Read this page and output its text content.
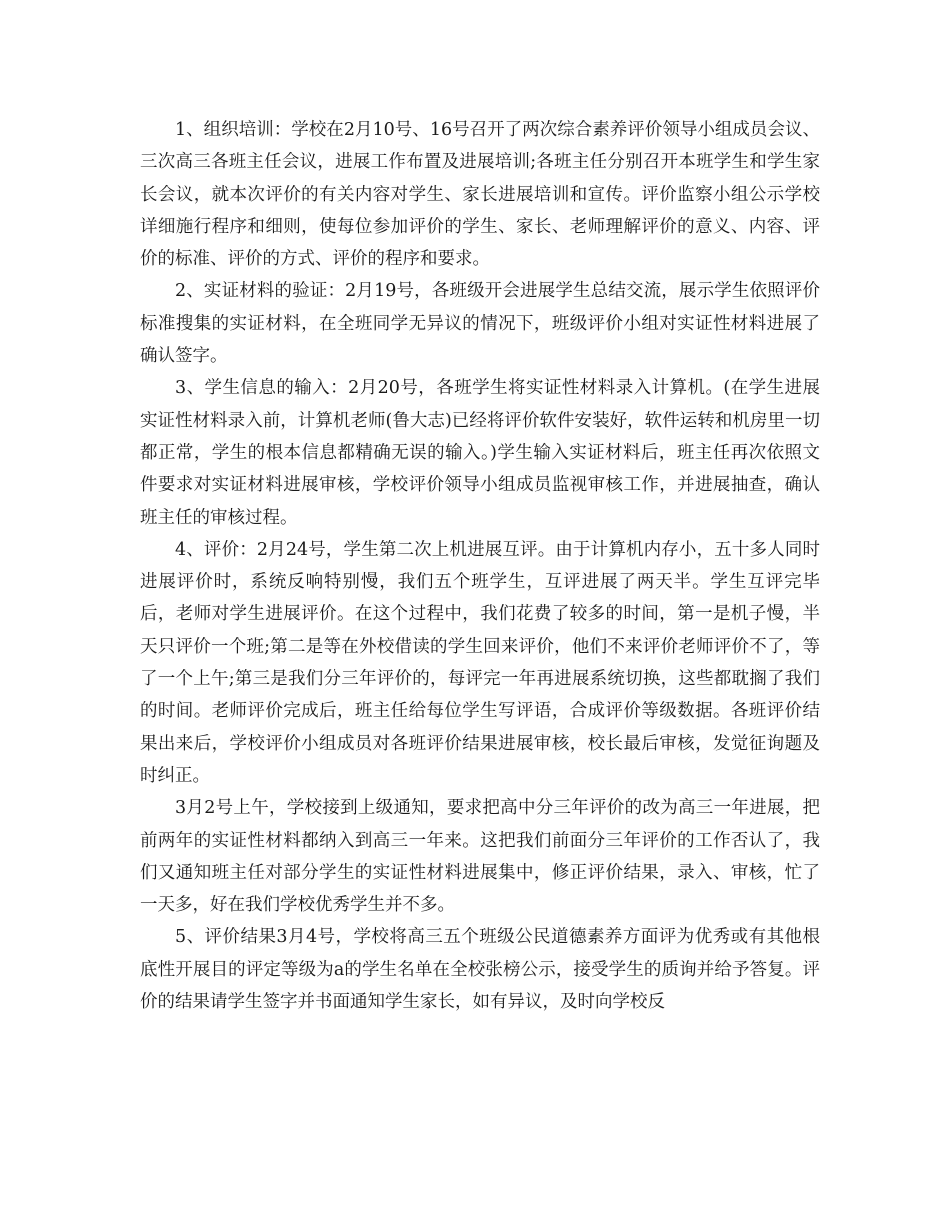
1、组织培训：学校在2月10号、16号召开了两次综合素养评价领导小组成员会议、三次高三各班主任会议，进展工作布置及进展培训;各班主任分别召开本班学生和学生家长会议，就本次评价的有关内容对学生、家长进展培训和宣传。评价监察小组公示学校详细施行程序和细则，使每位参加评价的学生、家长、老师理解评价的意义、内容、评价的标准、评价的方式、评价的程序和要求。

2、实证材料的验证：2月19号，各班级开会进展学生总结交流，展示学生依照评价标准搜集的实证材料，在全班同学无异议的情况下，班级评价小组对实证性材料进展了确认签字。

3、学生信息的输入：2月20号，各班学生将实证性材料录入计算机。(在学生进展实证性材料录入前，计算机老师(鲁大志)已经将评价软件安装好，软件运转和机房里一切都正常，学生的根本信息都精确无误的输入。)学生输入实证材料后，班主任再次依照文件要求对实证材料进展审核，学校评价领导小组成员监视审核工作，并进展抽查，确认班主任的审核过程。

4、评价：2月24号，学生第二次上机进展互评。由于计算机内存小，五十多人同时进展评价时，系统反响特别慢，我们五个班学生，互评进展了两天半。学生互评完毕后，老师对学生进展评价。在这个过程中，我们花费了较多的时间，第一是机子慢，半天只评价一个班;第二是等在外校借读的学生回来评价，他们不来评价老师评价不了，等了一个上午;第三是我们分三年评价的，每评完一年再进展系统切换，这些都耽搁了我们的时间。老师评价完成后，班主任给每位学生写评语，合成评价等级数据。各班评价结果出来后，学校评价小组成员对各班评价结果进展审核，校长最后审核，发觉征询题及时纠正。

3月2号上午，学校接到上级通知，要求把高中分三年评价的改为高三一年进展，把前两年的实证性材料都纳入到高三一年来。这把我们前面分三年评价的工作否认了，我们又通知班主任对部分学生的实证性材料进展集中，修正评价结果，录入、审核，忙了一天多，好在我们学校优秀学生并不多。

5、评价结果3月4号，学校将高三五个班级公民道德素养方面评为优秀或有其他根底性开展目的评定等级为a的学生名单在全校张榜公示，接受学生的质询并给予答复。评价的结果请学生签字并书面通知学生家长，如有异议，及时向学校反
